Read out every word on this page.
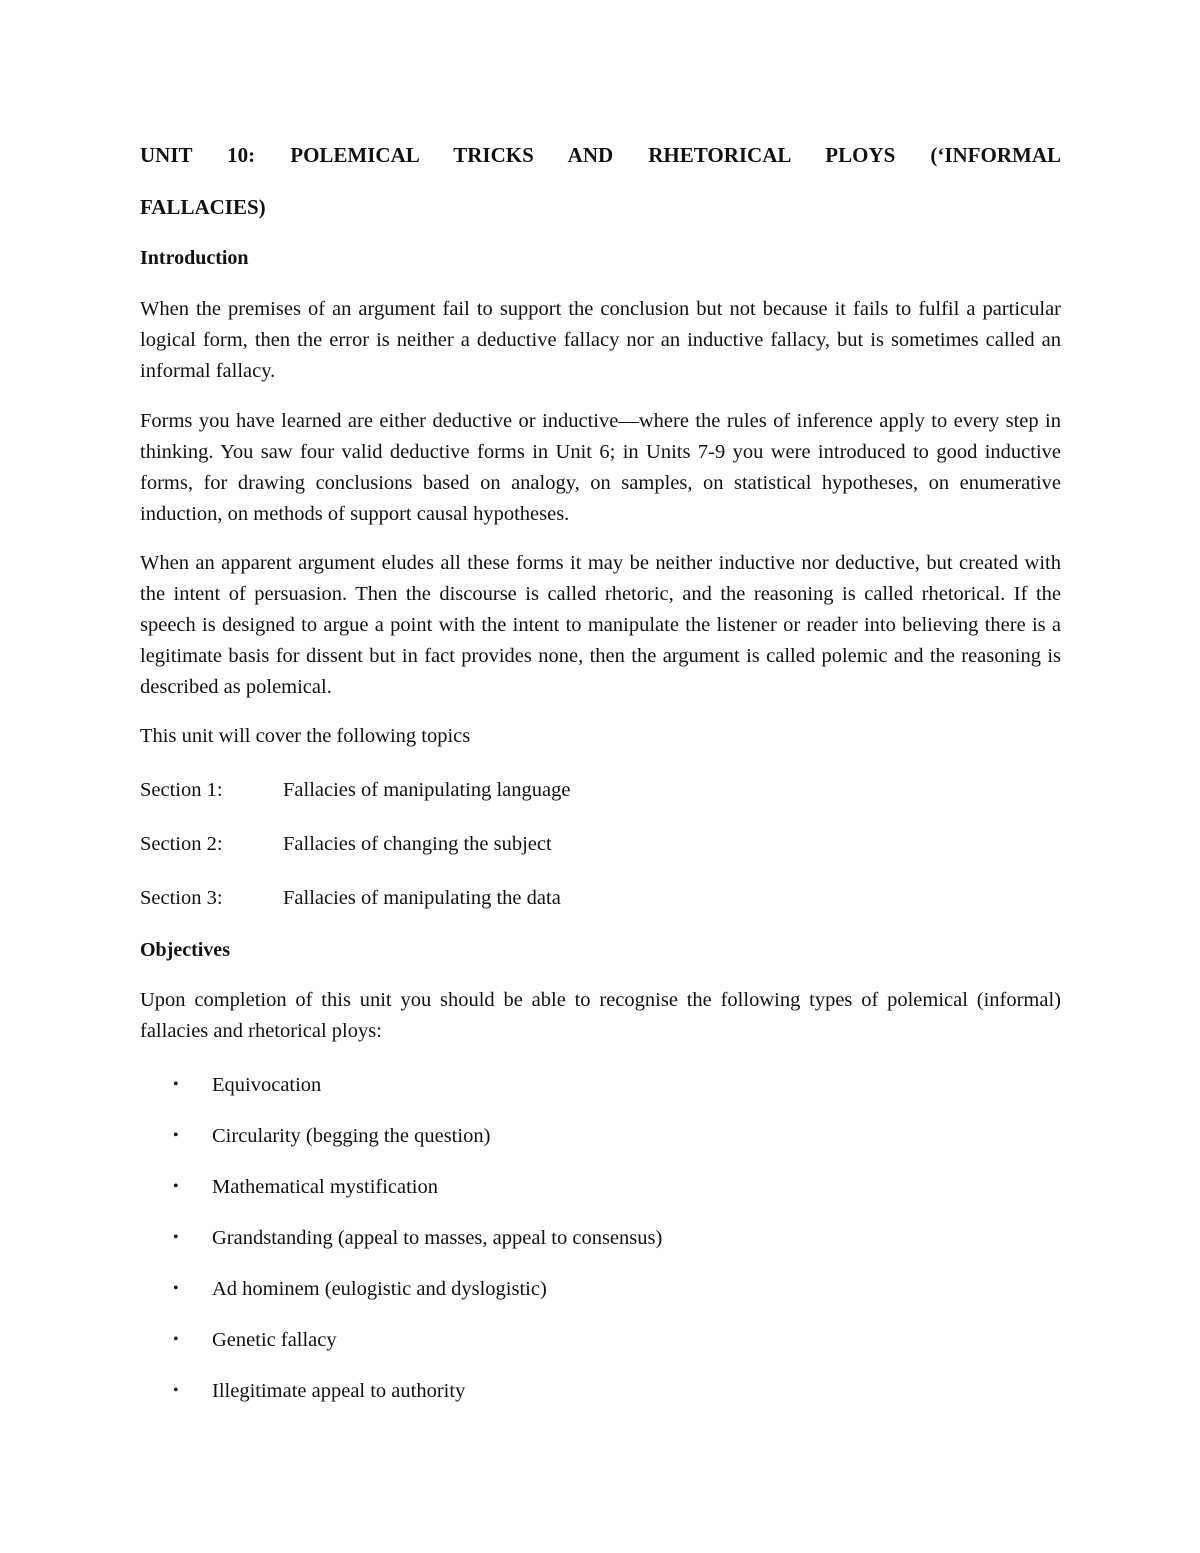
UNIT 10: POLEMICAL TRICKS AND RHETORICAL PLOYS (‘INFORMAL
FALLACIES)
Introduction
When the premises of an argument fail to support the conclusion but not because it fails to fulfil a particular logical form, then the error is neither a deductive fallacy nor an inductive fallacy, but is sometimes called an informal fallacy.
Forms you have learned are either deductive or inductive—where the rules of inference apply to every step in thinking. You saw four valid deductive forms in Unit 6; in Units 7-9 you were introduced to good inductive forms, for drawing conclusions based on analogy, on samples, on statistical hypotheses, on enumerative induction, on methods of support causal hypotheses.
When an apparent argument eludes all these forms it may be neither inductive nor deductive, but created with the intent of persuasion. Then the discourse is called rhetoric, and the reasoning is called rhetorical. If the speech is designed to argue a point with the intent to manipulate the listener or reader into believing there is a legitimate basis for dissent but in fact provides none, then the argument is called polemic and the reasoning is described as polemical.
This unit will cover the following topics
Section 1:	Fallacies of manipulating language
Section 2:	Fallacies of changing the subject
Section 3:	Fallacies of manipulating the data
Objectives
Upon completion of this unit you should be able to recognise the following types of polemical (informal) fallacies and rhetorical ploys:
• Equivocation
• Circularity (begging the question)
• Mathematical mystification
• Grandstanding (appeal to masses, appeal to consensus)
• Ad hominem (eulogistic and dyslogistic)
• Genetic fallacy
• Illegitimate appeal to authority
